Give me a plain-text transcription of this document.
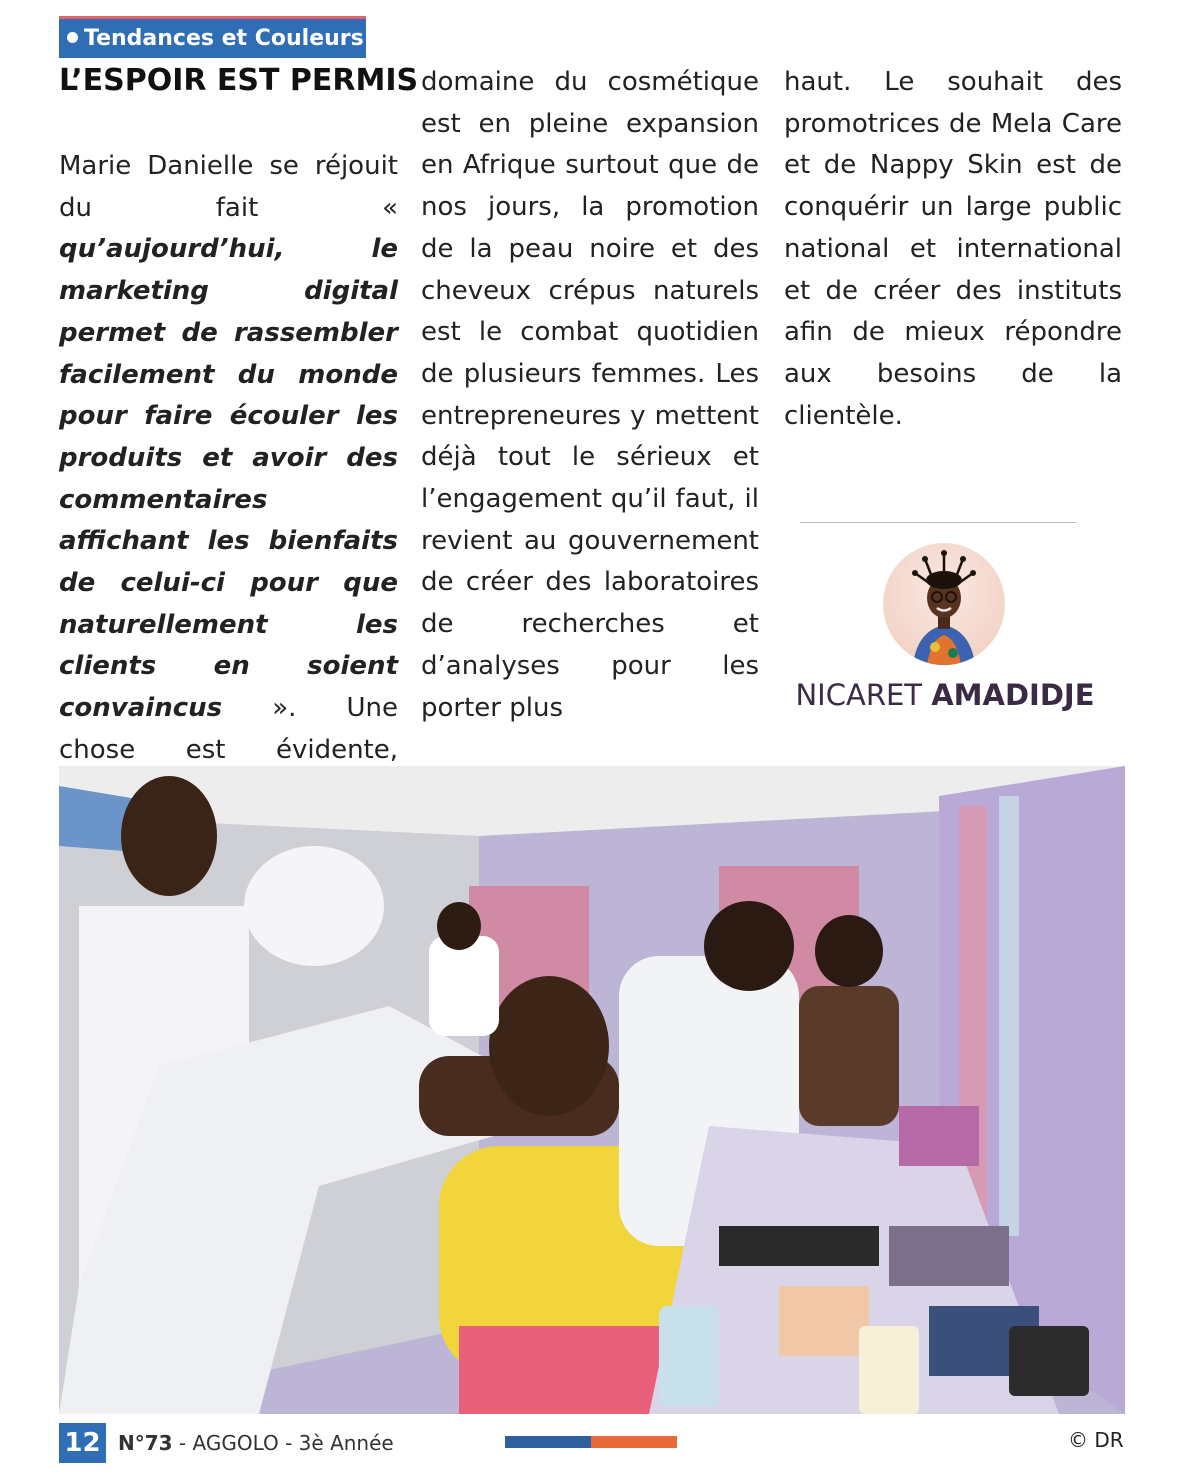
Tendances et Couleurs
L’ESPOIR EST PERMIS

Marie Danielle se réjouit du fait « qu’aujourd’hui, le marketing digital permet de rassembler facilement du monde pour faire écouler les produits et avoir des commentaires affichant les bienfaits de celui-ci pour que naturellement les clients en soient convaincus ». Une chose est évidente,

domaine du cosmétique est en pleine expansion en Afrique surtout que de nos jours, la promotion de la peau noire et des cheveux crépus naturels est le combat quotidien de plusieurs femmes. Les entrepreneures y mettent déjà tout le sérieux et l’engagement qu’il faut, il revient au gouvernement de créer des laboratoires de recherches et d’analyses pour les porter plus

haut. Le souhait des promotrices de Mela Care et de Nappy Skin est de conquérir un large public national et international et de créer des instituts afin de mieux répondre aux besoins de la clientèle.

NICARET AMADIDJE
12 N°73 - AGGOLO - 3è Année	© DR
